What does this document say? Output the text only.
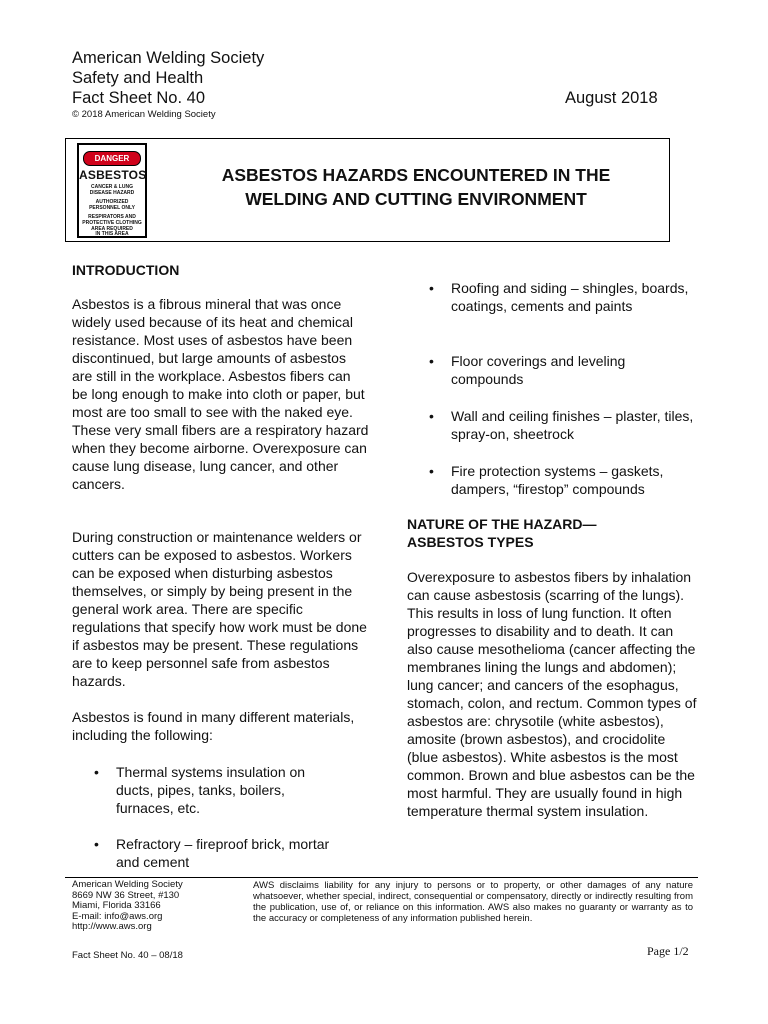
American Welding Society
Safety and Health
Fact Sheet No. 40	August 2018
© 2018 American Welding Society
DANGER
ASBESTOS
CANCER & LUNG
DISEASE HAZARD
AUTHORIZED
PERSONNEL ONLY
RESPIRATORS AND
PROTECTIVE CLOTHING
AREA REQUIRED
IN THIS AREA
ASBESTOS HAZARDS ENCOUNTERED IN THE
WELDING AND CUTTING ENVIRONMENT
INTRODUCTION
Asbestos is a fibrous mineral that was once widely used because of its heat and chemical resistance. Most uses of asbestos have been discontinued, but large amounts of asbestos are still in the workplace. Asbestos fibers can be long enough to make into cloth or paper, but most are too small to see with the naked eye. These very small fibers are a respiratory hazard when they become airborne. Overexposure can cause lung disease, lung cancer, and other cancers.
During construction or maintenance welders or cutters can be exposed to asbestos. Workers can be exposed when disturbing asbestos themselves, or simply by being present in the general work area. There are specific regulations that specify how work must be done if asbestos may be present. These regulations are to keep personnel safe from asbestos hazards.
Asbestos is found in many different materials, including the following:
• Thermal systems insulation on ducts, pipes, tanks, boilers, furnaces, etc.
• Refractory – fireproof brick, mortar and cement
• Roofing and siding – shingles, boards, coatings, cements and paints
• Floor coverings and leveling compounds
• Wall and ceiling finishes – plaster, tiles, spray-on, sheetrock
• Fire protection systems – gaskets, dampers, “firestop” compounds
NATURE OF THE HAZARD—
ASBESTOS TYPES
Overexposure to asbestos fibers by inhalation can cause asbestosis (scarring of the lungs). This results in loss of lung function. It often progresses to disability and to death. It can also cause mesothelioma (cancer affecting the membranes lining the lungs and abdomen); lung cancer; and cancers of the esophagus, stomach, colon, and rectum. Common types of asbestos are: chrysotile (white asbestos), amosite (brown asbestos), and crocidolite (blue asbestos). White asbestos is the most common. Brown and blue asbestos can be the most harmful. They are usually found in high temperature thermal system insulation.
American Welding Society
8669 NW 36 Street, #130
Miami, Florida 33166
E-mail: info@aws.org
http://www.aws.org
AWS disclaims liability for any injury to persons or to property, or other damages of any nature whatsoever, whether special, indirect, consequential or compensatory, directly or indirectly resulting from the publication, use of, or reliance on this information. AWS also makes no guaranty or warranty as to the accuracy or completeness of any information published herein.
Fact Sheet No. 40 – 08/18	Page 1/2
